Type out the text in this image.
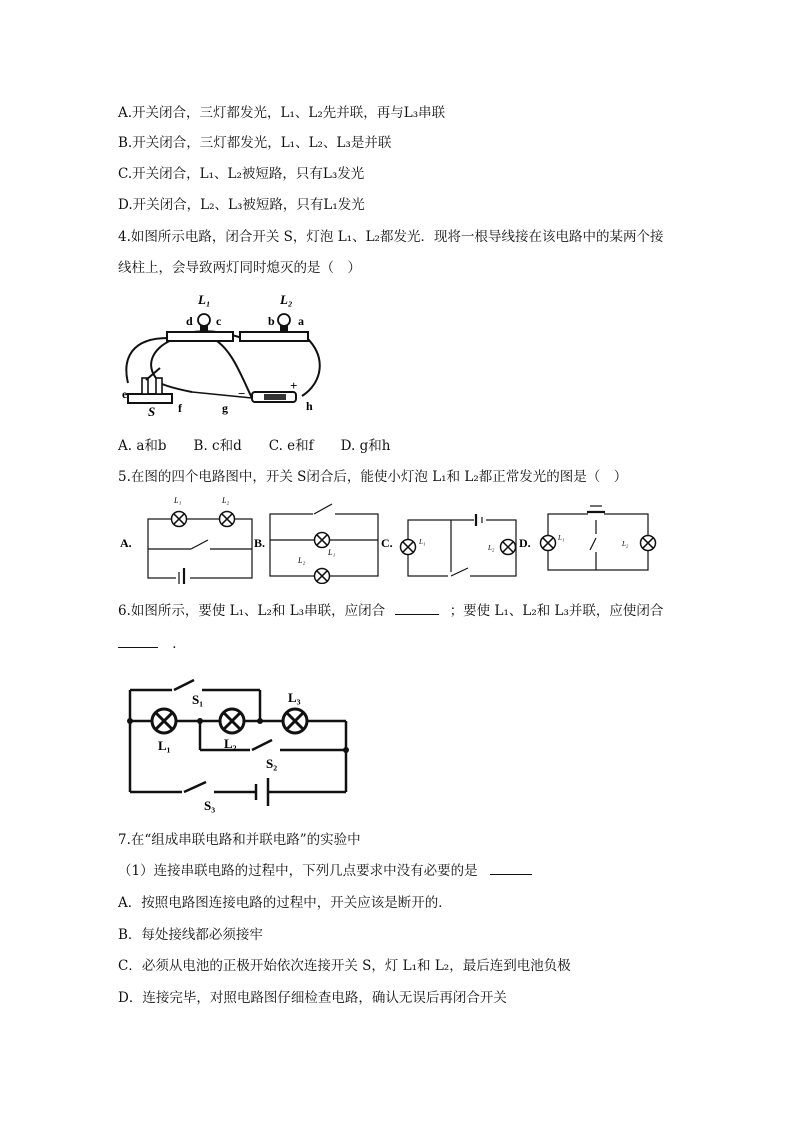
A.开关闭合，三灯都发光，L₁、L₂先并联，再与L₃串联
B.开关闭合，三灯都发光，L₁、L₂、L₃是并联
C.开关闭合，L₁、L₂被短路，只有L₃发光
D.开关闭合，L₂、L₃被短路，只有L₁发光
4.如图所示电路，闭合开关 S，灯泡 L₁、L₂都发光．现将一根导线接在该电路中的某两个接
线柱上，会导致两灯同时熄灭的是（　）
L₁	L₂
d c	b a
e
S f	g
−
+
h
A. a和b　　B. c和d　　C. e和f　　D. g和h
5.在图的四个电路图中，开关 S闭合后，能使小灯泡 L₁和 L₂都正常发光的图是（　）
A.
L₁	L₂
B.
L₁
L₂
C.	L₁
L₂ D.	L₁
L₂
6.如图所示，要使 L₁、L₂和 L₃串联，应闭合	；要使 L₁、L₂和 L₃并联，应使闭合
．
S₁
L₁	L₂
L₃
S₂
S₃
7.在“组成串联电路和并联电路”的实验中
（1）连接串联电路的过程中，下列几点要求中没有必要的是
A．按照电路图连接电路的过程中，开关应该是断开的．
B．每处接线都必须接牢
C．必须从电池的正极开始依次连接开关 S，灯 L₁和 L₂，最后连到电池负极
D．连接完毕，对照电路图仔细检查电路，确认无误后再闭合开关
